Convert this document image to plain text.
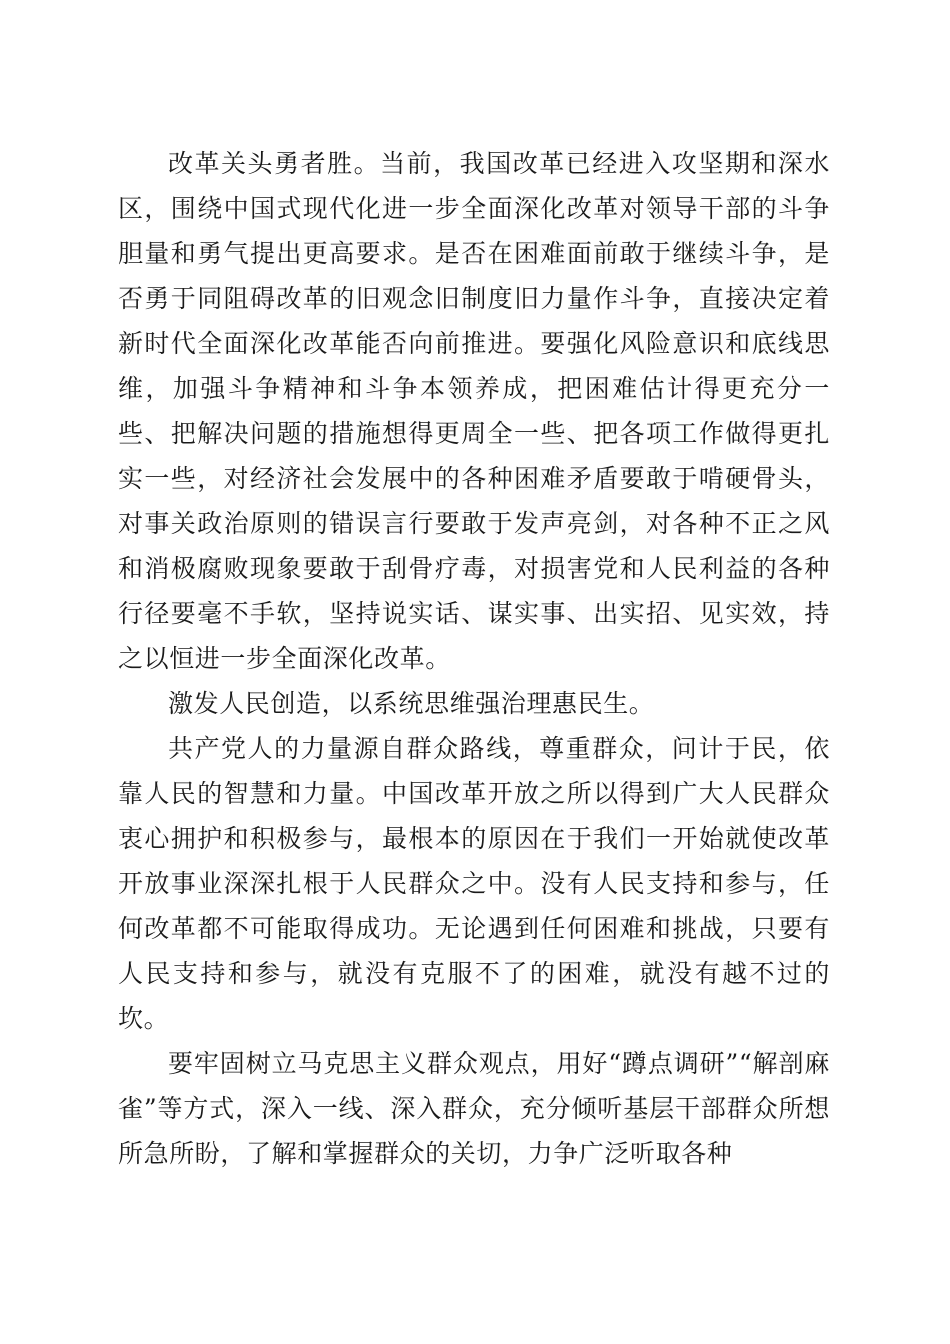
改革关头勇者胜。当前，我国改革已经进入攻坚期和深水区，围绕中国式现代化进一步全面深化改革对领导干部的斗争胆量和勇气提出更高要求。是否在困难面前敢于继续斗争，是否勇于同阻碍改革的旧观念旧制度旧力量作斗争，直接决定着新时代全面深化改革能否向前推进。要强化风险意识和底线思维，加强斗争精神和斗争本领养成，把困难估计得更充分一些、把解决问题的措施想得更周全一些、把各项工作做得更扎实一些，对经济社会发展中的各种困难矛盾要敢于啃硬骨头，对事关政治原则的错误言行要敢于发声亮剑，对各种不正之风和消极腐败现象要敢于刮骨疗毒，对损害党和人民利益的各种行径要毫不手软，坚持说实话、谋实事、出实招、见实效，持之以恒进一步全面深化改革。

激发人民创造，以系统思维强治理惠民生。

共产党人的力量源自群众路线，尊重群众，问计于民，依靠人民的智慧和力量。中国改革开放之所以得到广大人民群众衷心拥护和积极参与，最根本的原因在于我们一开始就使改革开放事业深深扎根于人民群众之中。没有人民支持和参与，任何改革都不可能取得成功。无论遇到任何困难和挑战，只要有人民支持和参与，就没有克服不了的困难，就没有越不过的坎。

要牢固树立马克思主义群众观点，用好“蹲点调研”“解剖麻雀”等方式，深入一线、深入群众，充分倾听基层干部群众所想所急所盼，了解和掌握群众的关切，力争广泛听取各种
